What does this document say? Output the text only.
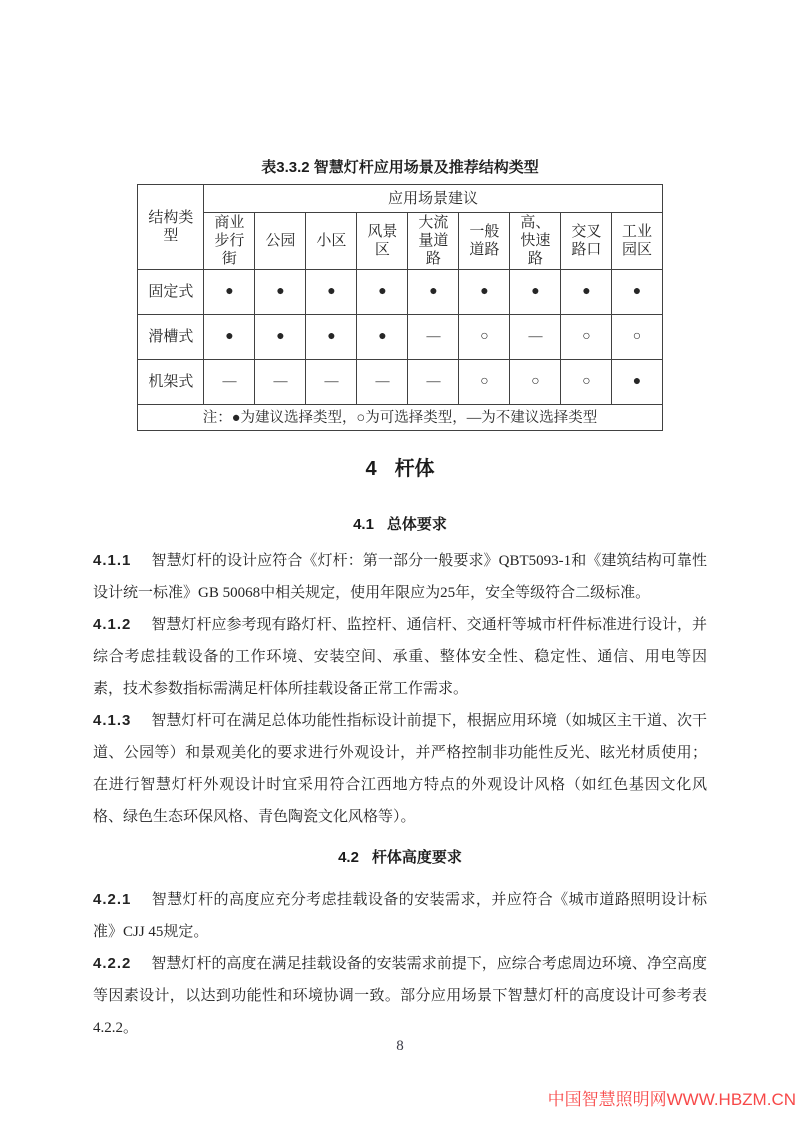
表3.3.2 智慧灯杆应用场景及推荐结构类型
结构类型	应用场景建议								
	商业步行街	公园	小区	风景区	大流量道路	一般道路	高、快速路	交叉路口	工业园区
固定式	●	●	●	●	●	●	●	●	●
滑槽式	●	●	●	●	—	○	—	○	○
机架式	—	—	—	—	—	○	○	○	●
注：●为建议选择类型，○为可选择类型，—为不建议选择类型									
4 杆体
4.1 总体要求

4.1.1 智慧灯杆的设计应符合《灯杆：第一部分一般要求》QBT5093-1和《建筑结构可靠性设计统一标准》GB 50068中相关规定，使用年限应为25年，安全等级符合二级标准。

4.1.2 智慧灯杆应参考现有路灯杆、监控杆、通信杆、交通杆等城市杆件标准进行设计，并综合考虑挂载设备的工作环境、安装空间、承重、整体安全性、稳定性、通信、用电等因素，技术参数指标需满足杆体所挂载设备正常工作需求。

4.1.3 智慧灯杆可在满足总体功能性指标设计前提下，根据应用环境（如城区主干道、次干道、公园等）和景观美化的要求进行外观设计，并严格控制非功能性反光、眩光材质使用；在进行智慧灯杆外观设计时宜采用符合江西地方特点的外观设计风格（如红色基因文化风格、绿色生态环保风格、青色陶瓷文化风格等）。

4.2 杆体高度要求

4.2.1 智慧灯杆的高度应充分考虑挂载设备的安装需求，并应符合《城市道路照明设计标准》CJJ 45规定。

4.2.2 智慧灯杆的高度在满足挂载设备的安装需求前提下，应综合考虑周边环境、净空高度等因素设计，以达到功能性和环境协调一致。部分应用场景下智慧灯杆的高度设计可参考表4.2.2。

8
中国智慧照明网WWW.HBZM.CN
